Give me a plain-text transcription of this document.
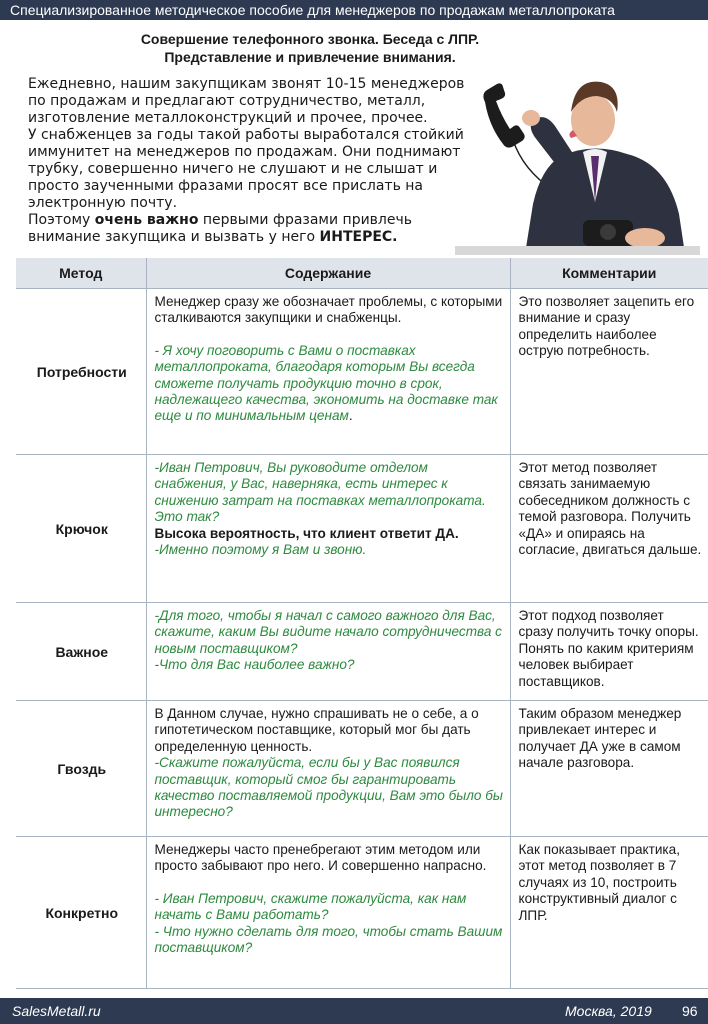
Специализированное методическое пособие для менеджеров по продажам металлопроката
Совершение телефонного звонка. Беседа с ЛПР.
Представление и привлечение внимания.

Ежедневно, нашим закупщикам звонят 10-15 менеджеров по продажам и предлагают сотрудничество, металл, изготовление металлоконструкций и прочее, прочее.

У снабженцев за годы такой работы выработался стойкий иммунитет на менеджеров по продажам. Они поднимают трубку, совершенно ничего не слушают и не слышат и просто заученными фразами просят все прислать на электронную почту.

Поэтому очень важно первыми фразами привлечь внимание закупщика и вызвать у него ИНТЕРЕС.

Метод	Содержание	Комментарии
Потребности	Менеджер сразу же обозначает проблемы, с которыми сталкиваются закупщики и снабженцы.
- Я хочу поговорить с Вами о поставках металлопроката, благодаря которым Вы всегда сможете получать продукцию точно в срок, надлежащего качества, экономить на доставке так еще и по минимальным ценам.	Это позволяет зацепить его внимание и сразу определить наиболее острую потребность.
Крючок	-Иван Петрович, Вы руководите отделом снабжения, у Вас, наверняка, есть интерес к снижению затрат на поставках металлопроката. Это так?
Высока вероятность, что клиент ответит ДА.
-Именно поэтому я Вам и звоню.	Этот метод позволяет связать занимаемую собеседником должность с темой разговора. Получить «ДА» и опираясь на согласие, двигаться дальше.
Важное	-Для того, чтобы я начал с самого важного для Вас, скажите, каким Вы видите начало сотрудничества с новым поставщиком?
-Что для Вас наиболее важно?	Этот подход позволяет сразу получить точку опоры. Понять по каким критериям человек выбирает поставщиков.
Гвоздь	В Данном случае, нужно спрашивать не о себе, а о гипотетическом поставщике, который мог бы дать определенную ценность.
-Скажите пожалуйста, если бы у Вас появился поставщик, который смог бы гарантировать качество поставляемой продукции, Вам это было бы интересно?	Таким образом менеджер привлекает интерес и получает ДА уже в самом начале разговора.
Конкретно	Менеджеры часто пренебрегают этим методом или просто забывают про него. И совершенно напрасно.
- Иван Петрович, скажите пожалуйста, как нам начать с Вами работать?
- Что нужно сделать для того, чтобы стать Вашим поставщиком?	Как показывает практика, этот метод позволяет в 7 случаях из 10, построить конструктивный диалог с ЛПР.
SalesMetall.ru	Москва, 2019 96
